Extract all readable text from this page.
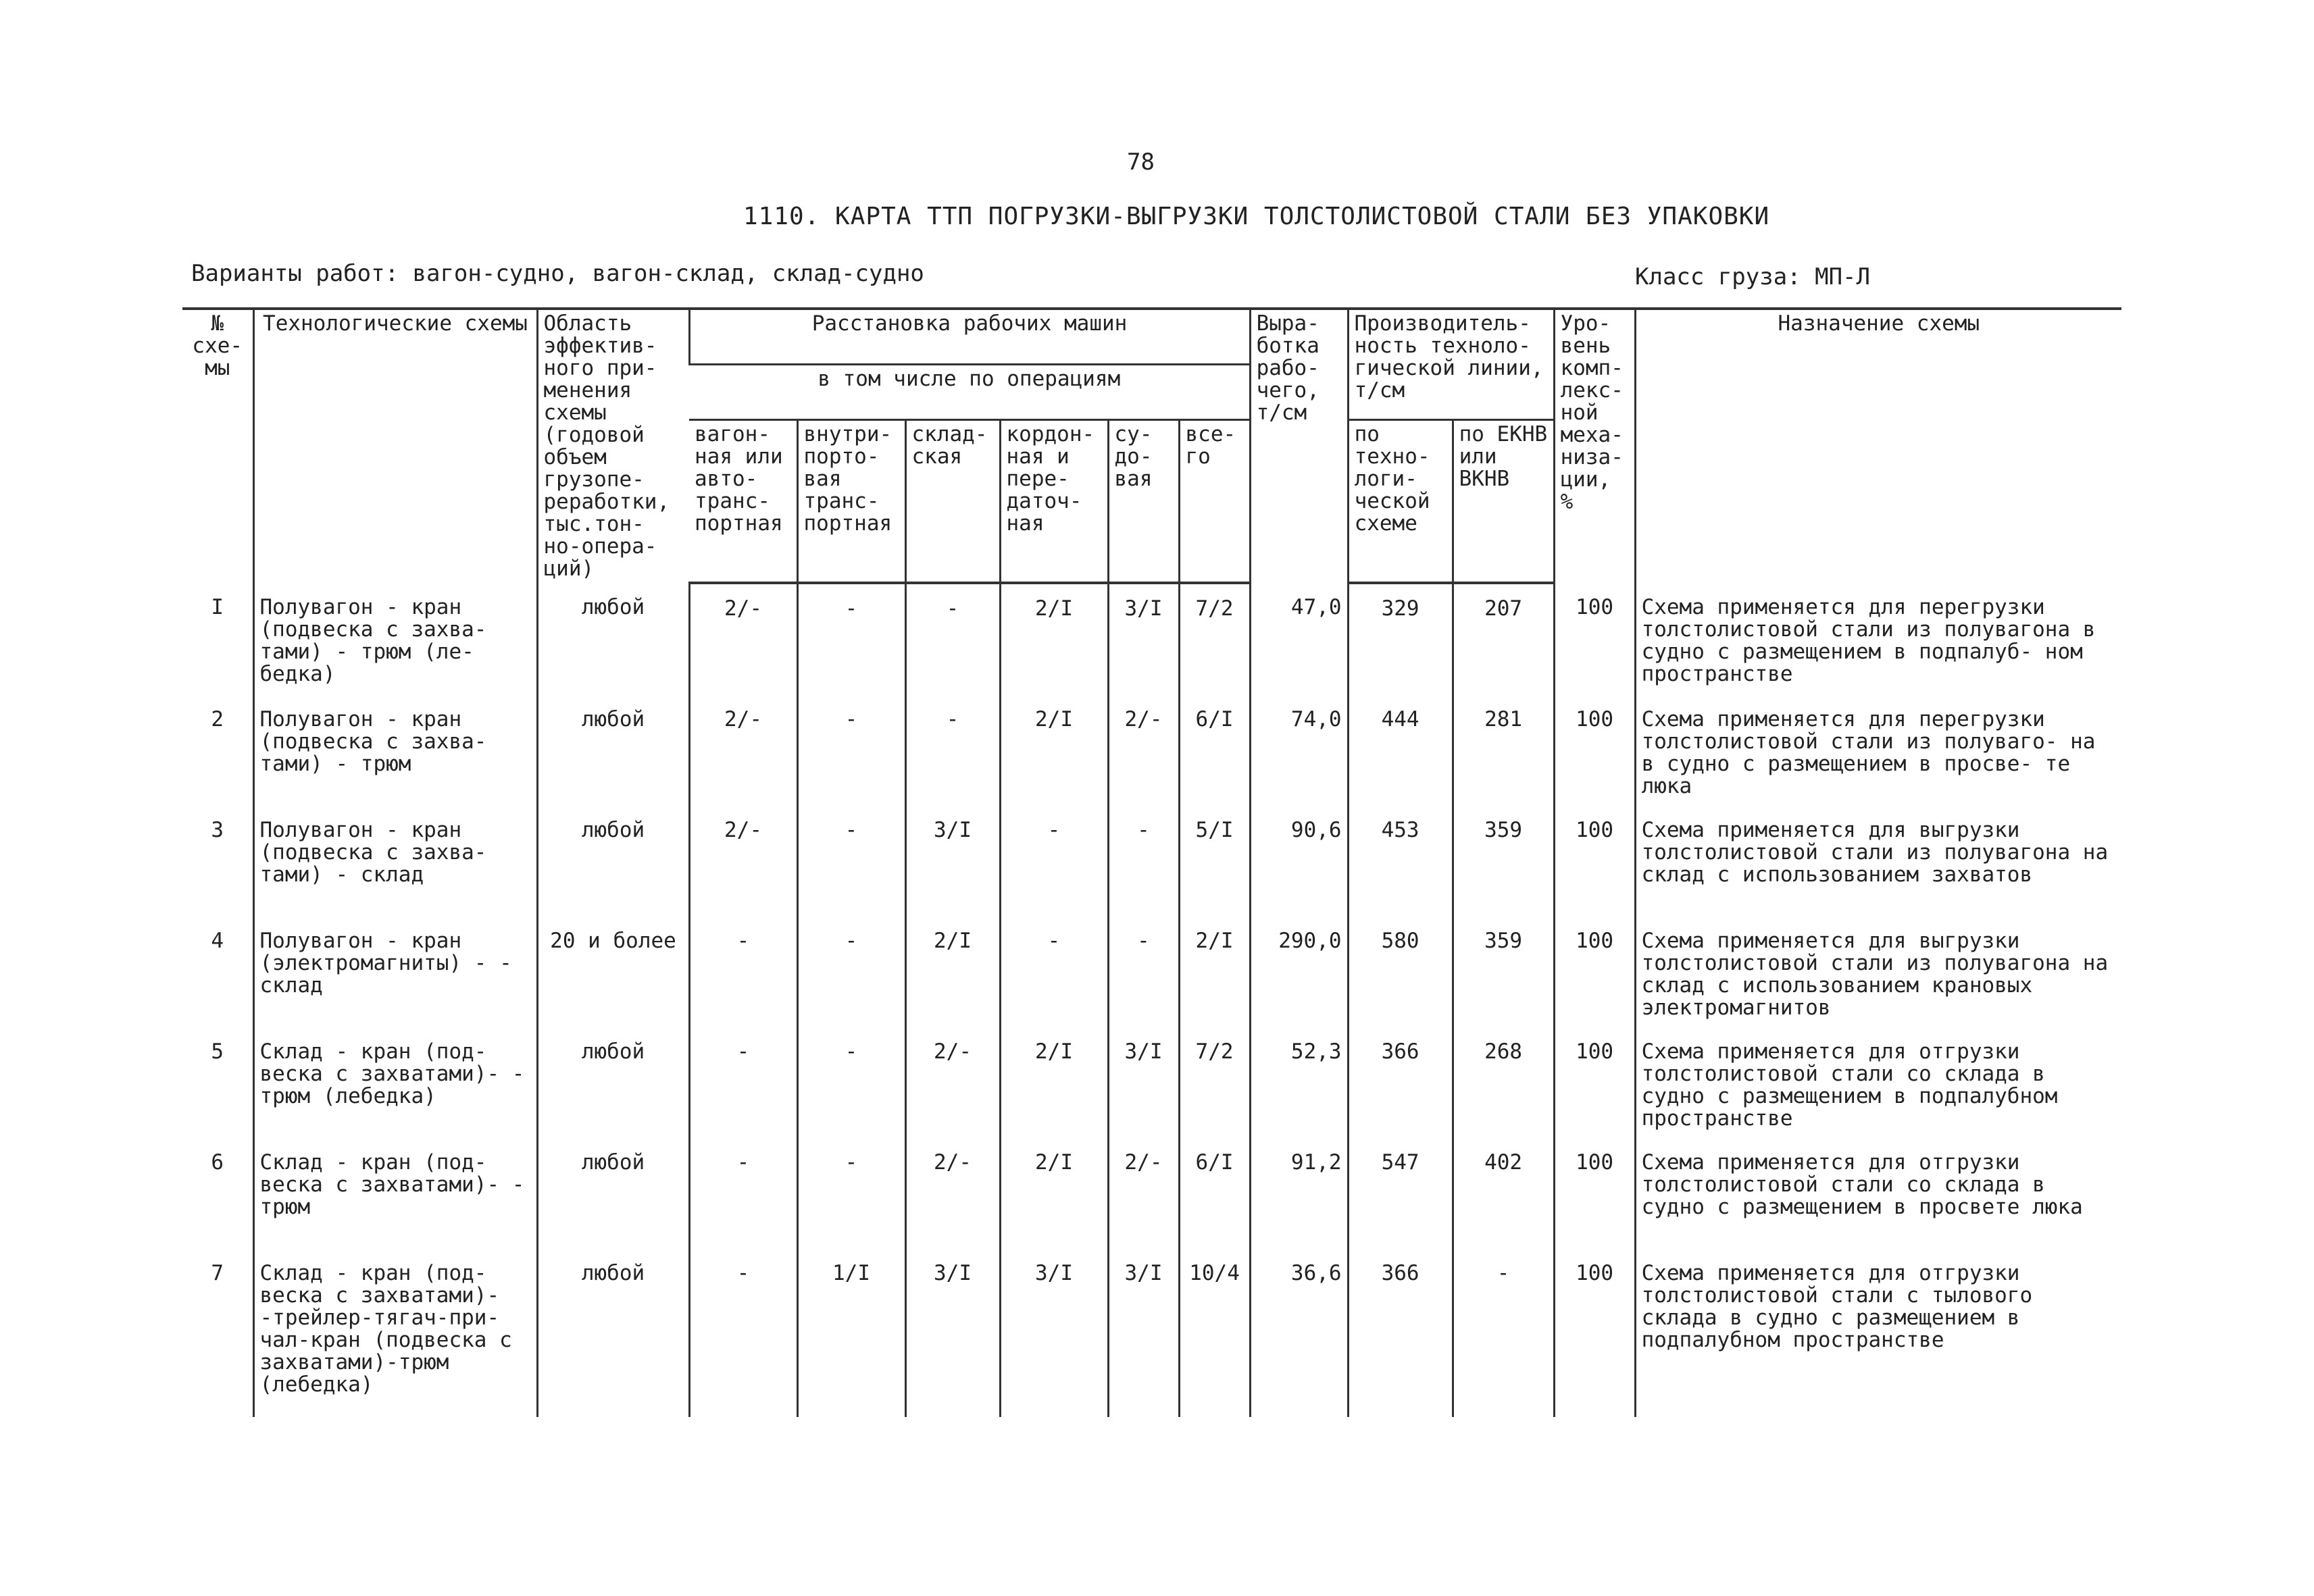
78
1110. КАРТА ТТП ПОГРУЗКИ-ВЫГРУЗКИ ТОЛСТОЛИСТОВОЙ СТАЛИ БЕЗ УПАКОВКИ
Варианты работ: вагон-судно, вагон-склад, склад-судно	Класс груза: МП-Л
№ схе- мы	Технологические схемы	Область эффектив- ного при- менения схемы (годовой объем грузопе- реработки, тыс.тон- но-опера- ций)	Расстановка рабочих машин						Выра- ботка рабо- чего, т/см	Производитель- ность техноло- гической линии, т/см		Уро- вень комп- лекс- ной меха- низа- ции, %	Назначение схемы
			в том числе по операциям										
			вагон- ная или авто- транс- портная	внутри- порто- вая транс- портная	склад- ская	кордон- ная и пере- даточ- ная	су- до- вая	все- го		по техно- логи- ческой схеме	по ЕКНВ или ВКНВ		
I	Полувагон - кран (подвеска с захва- тами) - трюм (ле- бедка)	любой	2/-	-	-	2/I	3/I	7/2	47,0	329	207	100	Схема применяется для перегрузки толстолистовой стали из полувагона в судно с размещением в подпалуб- ном пространстве
2	Полувагон - кран (подвеска с захва- тами) - трюм	любой	2/-	-	-	2/I	2/-	6/I	74,0	444	281	100	Схема применяется для перегрузки толстолистовой стали из полуваго- на в судно с размещением в просве- те люка
3	Полувагон - кран (подвеска с захва- тами) - склад	любой	2/-	-	3/I	-	-	5/I	90,6	453	359	100	Схема применяется для выгрузки толстолистовой стали из полувагона на склад с использованием захватов
4	Полувагон - кран (электромагниты) - - склад	20 и более	-	-	2/I	-	-	2/I	290,0	580	359	100	Схема применяется для выгрузки толстолистовой стали из полувагона на склад с использованием крановых электромагнитов
5	Склад - кран (под- веска с захватами)- - трюм (лебедка)	любой	-	-	2/-	2/I	3/I	7/2	52,3	366	268	100	Схема применяется для отгрузки толстолистовой стали со склада в судно с размещением в подпалубном пространстве
6	Склад - кран (под- веска с захватами)- - трюм	любой	-	-	2/-	2/I	2/-	6/I	91,2	547	402	100	Схема применяется для отгрузки толстолистовой стали со склада в судно с размещением в просвете люка
7	Склад - кран (под- веска с захватами)- -трейлер-тягач-при- чал-кран (подвеска с захватами)-трюм (лебедка)	любой	-	1/I	3/I	3/I	3/I	10/4	36,6	366	-	100	Схема применяется для отгрузки толстолистовой стали с тылового склада в судно с размещением в подпалубном пространстве
